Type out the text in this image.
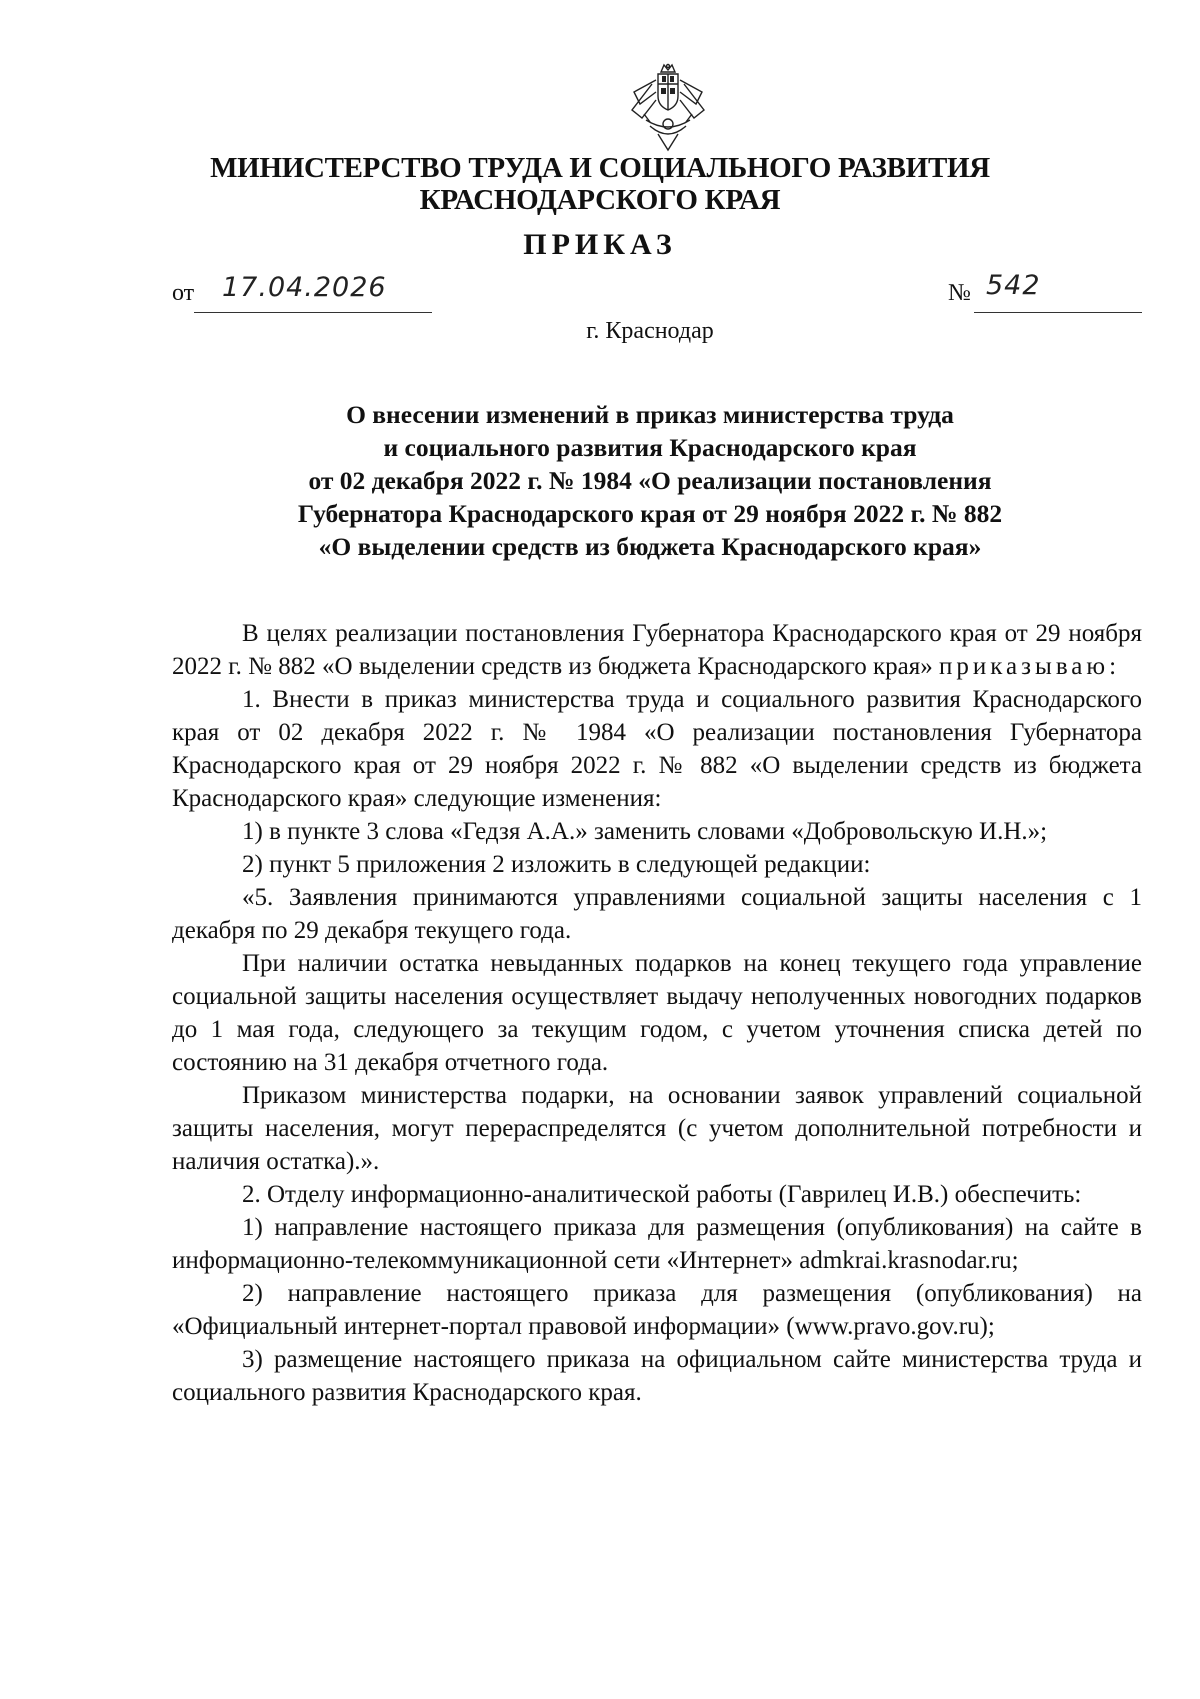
МИНИСТЕРСТВО ТРУДА И СОЦИАЛЬНОГО РАЗВИТИЯ
КРАСНОДАРСКОГО КРАЯ
ПРИКАЗ
от 17.04.2026	№ 542
г. Краснодар
О внесении изменений в приказ министерства труда
и социального развития Краснодарского края
от 02 декабря 2022 г. № 1984 «О реализации постановления
Губернатора Краснодарского края от 29 ноября 2022 г. № 882
«О выделении средств из бюджета Краснодарского края»

В целях реализации постановления Губернатора Краснодарского края от 29 ноября 2022 г. № 882 «О выделении средств из бюджета Краснодарского края» приказываю:

1. Внести в приказ министерства труда и социального развития Краснодарского края от 02 декабря 2022 г. № 1984 «О реализации постановления Губернатора Краснодарского края от 29 ноября 2022 г. № 882 «О выделении средств из бюджета Краснодарского края» следующие изменения:

1) в пункте 3 слова «Гедзя А.А.» заменить словами «Добровольскую И.Н.»;

2) пункт 5 приложения 2 изложить в следующей редакции:

«5. Заявления принимаются управлениями социальной защиты населения с 1 декабря по 29 декабря текущего года.

При наличии остатка невыданных подарков на конец текущего года управление социальной защиты населения осуществляет выдачу неполученных новогодних подарков до 1 мая года, следующего за текущим годом, с учетом уточнения списка детей по состоянию на 31 декабря отчетного года.

Приказом министерства подарки, на основании заявок управлений социальной защиты населения, могут перераспределятся (с учетом дополнительной потребности и наличия остатка).».

2. Отделу информационно-аналитической работы (Гаврилец И.В.) обеспечить:

1) направление настоящего приказа для размещения (опубликования) на сайте в информационно-телекоммуникационной сети «Интернет» admkrai.krasnodar.ru;

2) направление настоящего приказа для размещения (опубликования) на «Официальный интернет-портал правовой информации» (www.pravo.gov.ru);

3) размещение настоящего приказа на официальном сайте министерства труда и социального развития Краснодарского края.
